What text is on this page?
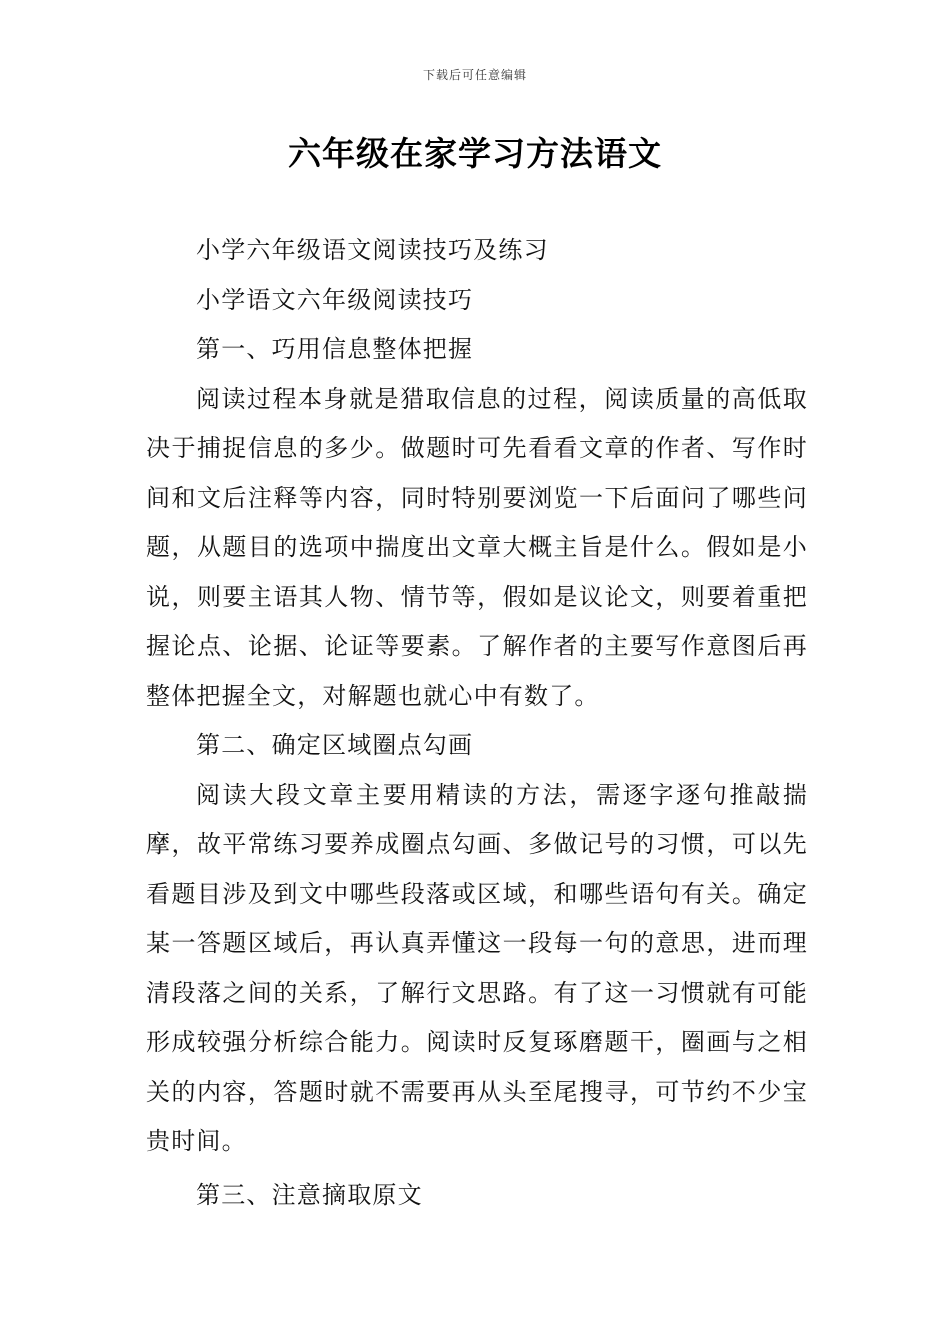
下载后可任意编辑
六年级在家学习方法语文

小学六年级语文阅读技巧及练习

小学语文六年级阅读技巧

第一、巧用信息整体把握

阅读过程本身就是猎取信息的过程，阅读质量的高低取决于捕捉信息的多少。做题时可先看看文章的作者、写作时间和文后注释等内容，同时特别要浏览一下后面问了哪些问题，从题目的选项中揣度出文章大概主旨是什么。假如是小说，则要主语其人物、情节等，假如是议论文，则要着重把握论点、论据、论证等要素。了解作者的主要写作意图后再整体把握全文，对解题也就心中有数了。

第二、确定区域圈点勾画

阅读大段文章主要用精读的方法，需逐字逐句推敲揣摩，故平常练习要养成圈点勾画、多做记号的习惯，可以先看题目涉及到文中哪些段落或区域，和哪些语句有关。确定某一答题区域后，再认真弄懂这一段每一句的意思，进而理清段落之间的关系，了解行文思路。有了这一习惯就有可能形成较强分析综合能力。阅读时反复琢磨题干，圈画与之相关的内容，答题时就不需要再从头至尾搜寻，可节约不少宝贵时间。

第三、注意摘取原文
